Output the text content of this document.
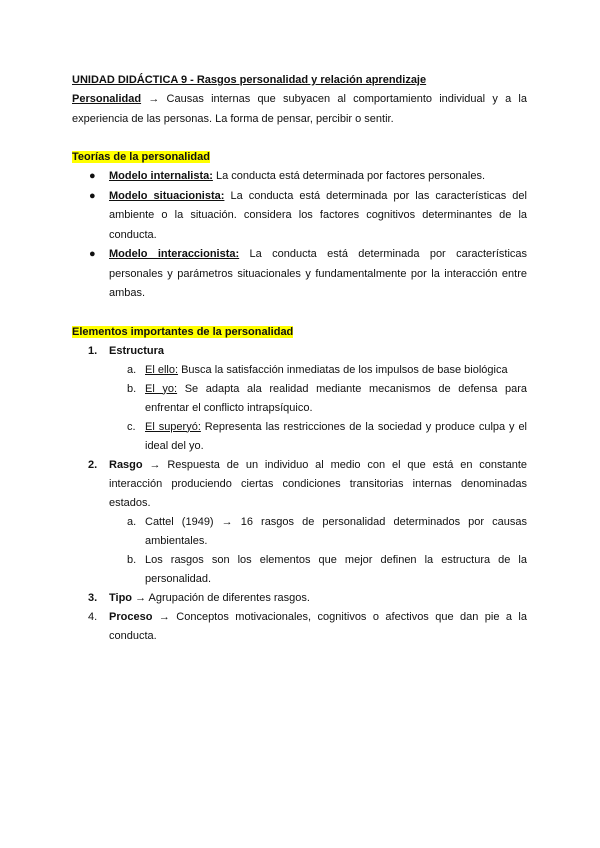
UNIDAD DIDÁCTICA 9 - Rasgos personalidad y relación aprendizaje

Personalidad → Causas internas que subyacen al comportamiento individual y a la experiencia de las personas. La forma de pensar, percibir o sentir.

Teorías de la personalidad

● Modelo internalista: La conducta está determinada por factores personales.
● Modelo situacionista: La conducta está determinada por las características del ambiente o la situación. considera los factores cognitivos determinantes de la conducta.
● Modelo interaccionista: La conducta está determinada por características personales y parámetros situacionales y fundamentalmente por la interacción entre ambas.

Elementos importantes de la personalidad

1. Estructura
a. El ello: Busca la satisfacción inmediatas de los impulsos de base biológica
b. El yo: Se adapta ala realidad mediante mecanismos de defensa para enfrentar el conflicto intrapsíquico.
c. El superyó: Representa las restricciones de la sociedad y produce culpa y el ideal del yo.
2. Rasgo → Respuesta de un individuo al medio con el que está en constante interacción produciendo ciertas condiciones transitorias internas denominadas estados.
a. Cattel (1949) → 16 rasgos de personalidad determinados por causas ambientales.
b. Los rasgos son los elementos que mejor definen la estructura de la personalidad.
3. Tipo → Agrupación de diferentes rasgos.
4. Proceso → Conceptos motivacionales, cognitivos o afectivos que dan pie a la conducta.
